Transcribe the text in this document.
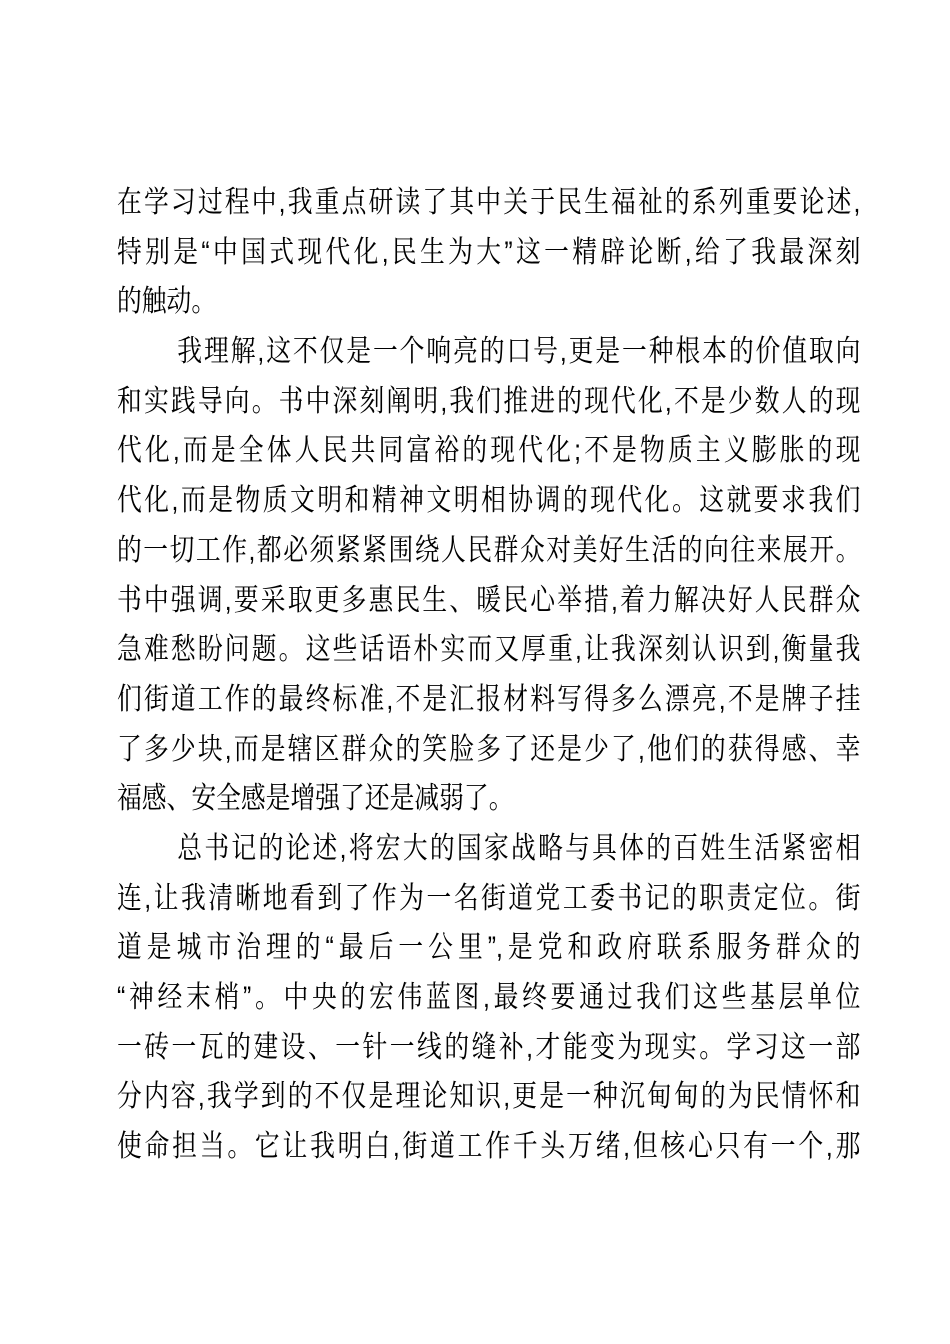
在学习过程中,我重点研读了其中关于民生福祉的系列重要论述,
特别是“中国式现代化,民生为大”这一精辟论断,给了我最深刻
的触动。
我理解,这不仅是一个响亮的口号,更是一种根本的价值取向
和实践导向。书中深刻阐明,我们推进的现代化,不是少数人的现
代化,而是全体人民共同富裕的现代化;不是物质主义膨胀的现
代化,而是物质文明和精神文明相协调的现代化。这就要求我们
的一切工作,都必须紧紧围绕人民群众对美好生活的向往来展开。
书中强调,要采取更多惠民生、暖民心举措,着力解决好人民群众
急难愁盼问题。这些话语朴实而又厚重,让我深刻认识到,衡量我
们街道工作的最终标准,不是汇报材料写得多么漂亮,不是牌子挂
了多少块,而是辖区群众的笑脸多了还是少了,他们的获得感、幸
福感、安全感是增强了还是减弱了。
总书记的论述,将宏大的国家战略与具体的百姓生活紧密相
连,让我清晰地看到了作为一名街道党工委书记的职责定位。街
道是城市治理的“最后一公里”,是党和政府联系服务群众的
“神经末梢”。中央的宏伟蓝图,最终要通过我们这些基层单位
一砖一瓦的建设、一针一线的缝补,才能变为现实。学习这一部
分内容,我学到的不仅是理论知识,更是一种沉甸甸的为民情怀和
使命担当。它让我明白,街道工作千头万绪,但核心只有一个,那
